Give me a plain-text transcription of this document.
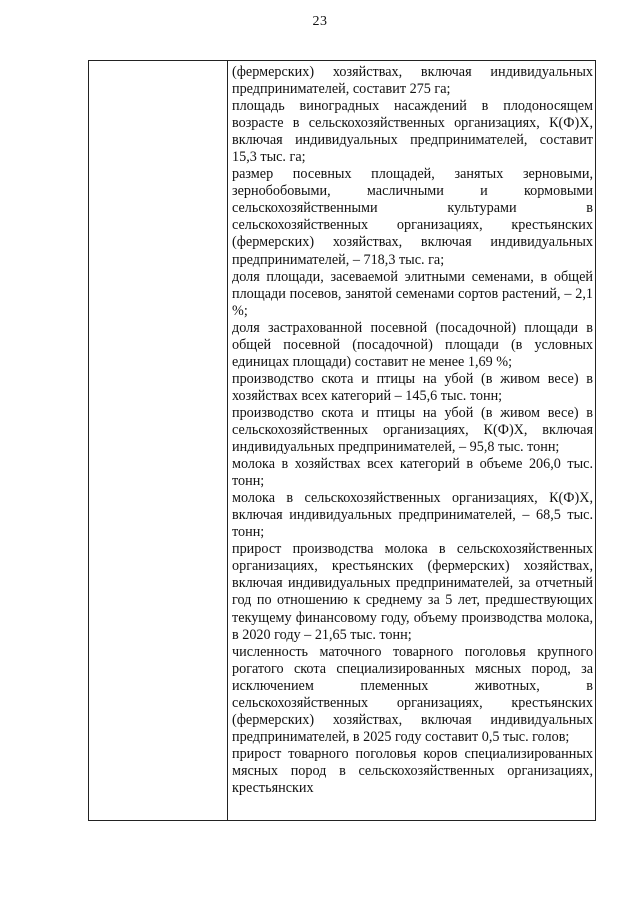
23

(фермерских) хозяйствах, включая индивидуальных предпринимателей, составит 275 га;

площадь виноградных насаждений в плодоносящем возрасте в сельскохозяйственных организациях, К(Ф)Х, включая индивидуальных предпринимателей, составит 15,3 тыс. га;

размер посевных площадей, занятых зерновыми, зернобобовыми, масличными и кормовыми сельскохозяйственными культурами в сельскохозяйственных организациях, крестьянских (фермерских) хозяйствах, включая индивидуальных предпринимателей, – 718,3 тыс. га;

доля площади, засеваемой элитными семенами, в общей площади посевов, занятой семенами сортов растений, – 2,1 %;

доля застрахованной посевной (посадочной) площади в общей посевной (посадочной) площади (в условных единицах площади) составит не менее 1,69 %;

производство скота и птицы на убой (в живом весе) в хозяйствах всех категорий – 145,6 тыс. тонн;

производство скота и птицы на убой (в живом весе) в сельскохозяйственных организациях, К(Ф)Х, включая индивидуальных предпринимателей, – 95,8 тыс. тонн;

молока в хозяйствах всех категорий в объеме 206,0 тыс. тонн;

молока в сельскохозяйственных организациях, К(Ф)Х, включая индивидуальных предпринимателей, – 68,5 тыс. тонн;

прирост производства молока в сельскохозяйственных организациях, крестьянских (фермерских) хозяйствах, включая индивидуальных предпринимателей, за отчетный год по отношению к среднему за 5 лет, предшествующих текущему финансовому году, объему производства молока, в 2020 году – 21,65 тыс. тонн;

численность маточного товарного поголовья крупного рогатого скота специализированных мясных пород, за исключением племенных животных, в сельскохозяйственных организациях, крестьянских (фермерских) хозяйствах, включая индивидуальных предпринимателей, в 2025 году составит 0,5 тыс. голов;

прирост товарного поголовья коров специализированных мясных пород в сельскохозяйственных организациях, крестьянских
